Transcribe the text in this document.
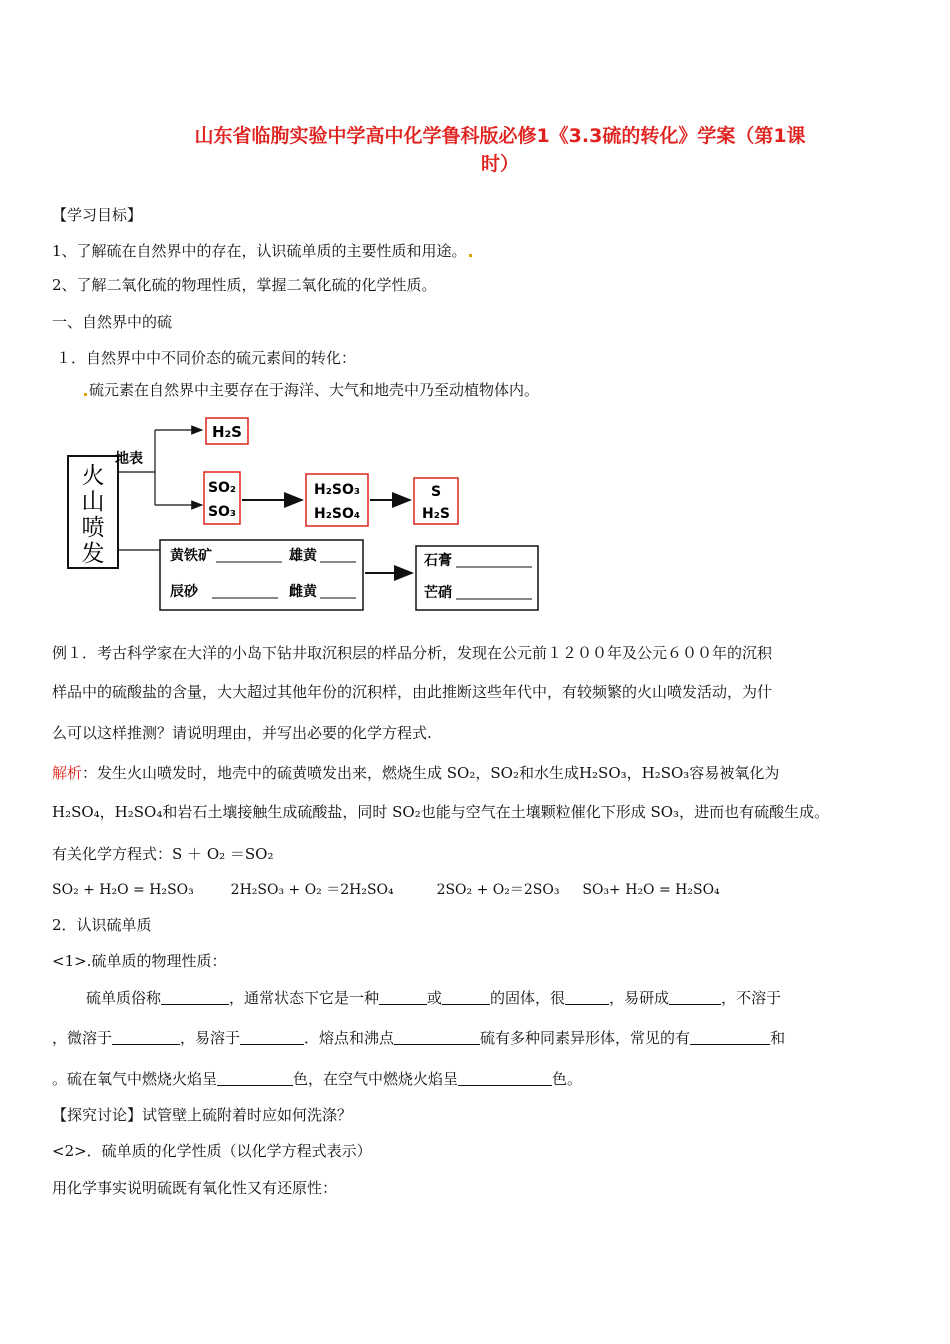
山东省临朐实验中学高中化学鲁科版必修1《3.3硫的转化》学案（第1课
时）
【学习目标】
1、了解硫在自然界中的存在，认识硫单质的主要性质和用途。
2、了解二氧化硫的物理性质，掌握二氧化硫的化学性质。
一、自然界中的硫
１．自然界中中不同价态的硫元素间的转化：
硫元素在自然界中主要存在于海洋、大气和地壳中乃至动植物体内。
火
山
喷
发
地表
H₂S
SO₂
SO₃
H₂SO₃
H₂SO₄
S
H₂S
黄铁矿	雄黄
辰砂	雌黄
石膏
芒硝
例１．考古科学家在大洋的小岛下钻井取沉积层的样品分析，发现在公元前１２００年及公元６００年的沉积
样品中的硫酸盐的含量，大大超过其他年份的沉积样，由此推断这些年代中，有较频繁的火山喷发活动，为什
么可以这样推测？请说明理由，并写出必要的化学方程式.
解析：发生火山喷发时，地壳中的硫黄喷发出来，燃烧生成 SO₂，SO₂和水生成H₂SO₃，H₂SO₃容易被氧化为
H₂SO₄，H₂SO₄和岩石土壤接触生成硫酸盐，同时 SO₂也能与空气在土壤颗粒催化下形成 SO₃，进而也有硫酸生成。
有关化学方程式：S ＋ O₂ ＝SO₂
SO₂ + H₂O = H₂SO₃	2H₂SO₃ + O₂ ＝2H₂SO₄	2SO₂ + O₂＝2SO₃ SO₃+ H₂O = H₂SO₄
2．认识硫单质
<1>.硫单质的物理性质：
硫单质俗称	，通常状态下它是一种	或	的固体，很	，易研成	，不溶于
，微溶于	，易溶于	．熔点和沸点	硫有多种同素异形体，常见的有	和
。硫在氧气中燃烧火焰呈	色，在空气中燃烧火焰呈	色。
【探究讨论】试管壁上硫附着时应如何洗涤？
<2>．硫单质的化学性质（以化学方程式表示）
用化学事实说明硫既有氧化性又有还原性：
